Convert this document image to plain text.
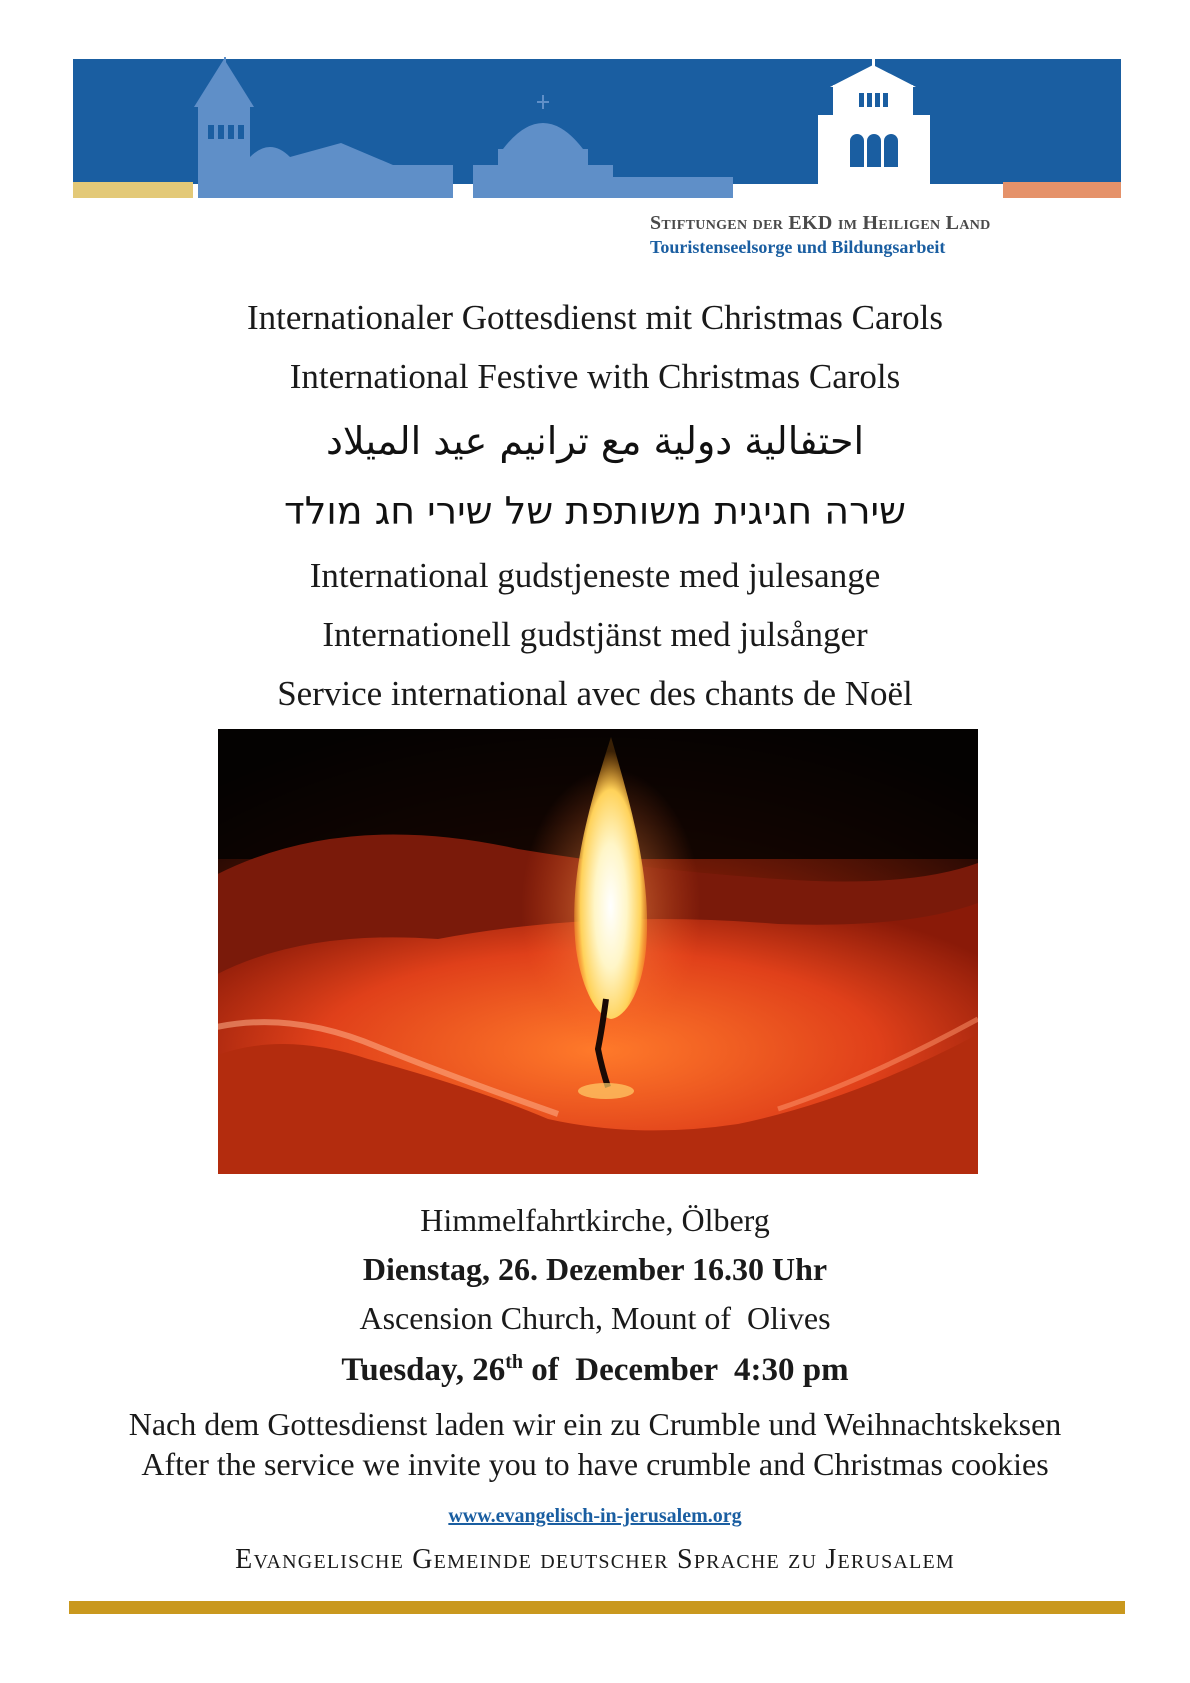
Stiftungen der EKD im Heiligen Land
Touristenseelsorge und Bildungsarbeit
Internationaler Gottesdienst mit Christmas Carols
International Festive with Christmas Carols
احتفالية دولية مع ترانيم عيد الميلاد
שירה חגיגית משותפת של שירי חג מולד
International gudstjeneste med julesange
Internationell gudstjänst med julsånger
Service international avec des chants de Noël
Himmelfahrtkirche, Ölberg
Dienstag, 26. Dezember 16.30 Uhr
Ascension Church, Mount of  Olives
Tuesday, 26th of  December  4:30 pm
Nach dem Gottesdienst laden wir ein zu Crumble und Weihnachtskeksen
After the service we invite you to have crumble and Christmas cookies
www.evangelisch-in-jerusalem.org
Evangelische Gemeinde deutscher Sprache zu Jerusalem
